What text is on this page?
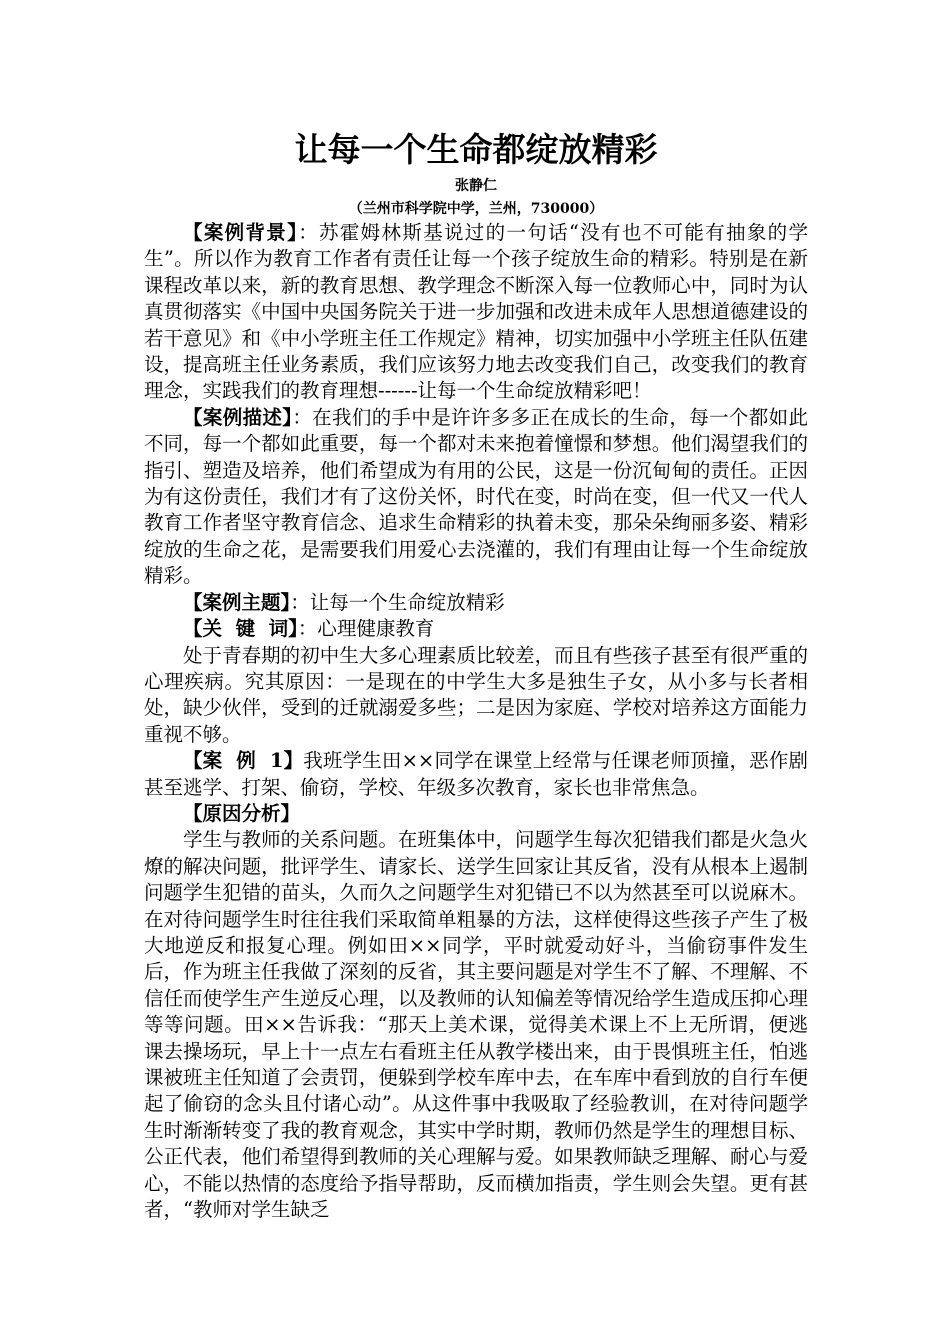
让每一个生命都绽放精彩
张静仁
（兰州市科学院中学，兰州，730000）

【案例背景】：苏霍姆林斯基说过的一句话“没有也不可能有抽象的学生”。所以作为教育工作者有责任让每一个孩子绽放生命的精彩。特别是在新课程改革以来，新的教育思想、教学理念不断深入每一位教师心中，同时为认真贯彻落实《中国中央国务院关于进一步加强和改进未成年人思想道德建设的若干意见》和《中小学班主任工作规定》精神，切实加强中小学班主任队伍建设，提高班主任业务素质，我们应该努力地去改变我们自己，改变我们的教育理念，实践我们的教育理想------让每一个生命绽放精彩吧！

【案例描述】：在我们的手中是许许多多正在成长的生命，每一个都如此不同，每一个都如此重要，每一个都对未来抱着憧憬和梦想。他们渴望我们的指引、塑造及培养，他们希望成为有用的公民，这是一份沉甸甸的责任。正因为有这份责任，我们才有了这份关怀，时代在变，时尚在变，但一代又一代人教育工作者坚守教育信念、追求生命精彩的执着未变，那朵朵绚丽多姿、精彩绽放的生命之花，是需要我们用爱心去浇灌的，我们有理由让每一个生命绽放精彩。

【案例主题】：让每一个生命绽放精彩

【关  键  词】：心理健康教育

处于青春期的初中生大多心理素质比较差，而且有些孩子甚至有很严重的心理疾病。究其原因：一是现在的中学生大多是独生子女，从小多与长者相处，缺少伙伴，受到的迁就溺爱多些；二是因为家庭、学校对培养这方面能力重视不够。

【案  例  1】我班学生田××同学在课堂上经常与任课老师顶撞，恶作剧甚至逃学、打架、偷窃，学校、年级多次教育，家长也非常焦急。

【原因分析】

学生与教师的关系问题。在班集体中，问题学生每次犯错我们都是火急火燎的解决问题，批评学生、请家长、送学生回家让其反省，没有从根本上遏制问题学生犯错的苗头，久而久之问题学生对犯错已不以为然甚至可以说麻木。在对待问题学生时往往我们采取简单粗暴的方法，这样使得这些孩子产生了极大地逆反和报复心理。例如田××同学，平时就爱动好斗，当偷窃事件发生后，作为班主任我做了深刻的反省，其主要问题是对学生不了解、不理解、不信任而使学生产生逆反心理，以及教师的认知偏差等情况给学生造成压抑心理等等问题。田××告诉我：“那天上美术课，觉得美术课上不上无所谓，便逃课去操场玩，早上十一点左右看班主任从教学楼出来，由于畏惧班主任，怕逃课被班主任知道了会责罚，便躲到学校车库中去，在车库中看到放的自行车便起了偷窃的念头且付诸心动”。从这件事中我吸取了经验教训，在对待问题学生时渐渐转变了我的教育观念，其实中学时期，教师仍然是学生的理想目标、公正代表，他们希望得到教师的关心理解与爱。如果教师缺乏理解、耐心与爱心，不能以热情的态度给予指导帮助，反而横加指责，学生则会失望。更有甚者，“教师对学生缺乏
